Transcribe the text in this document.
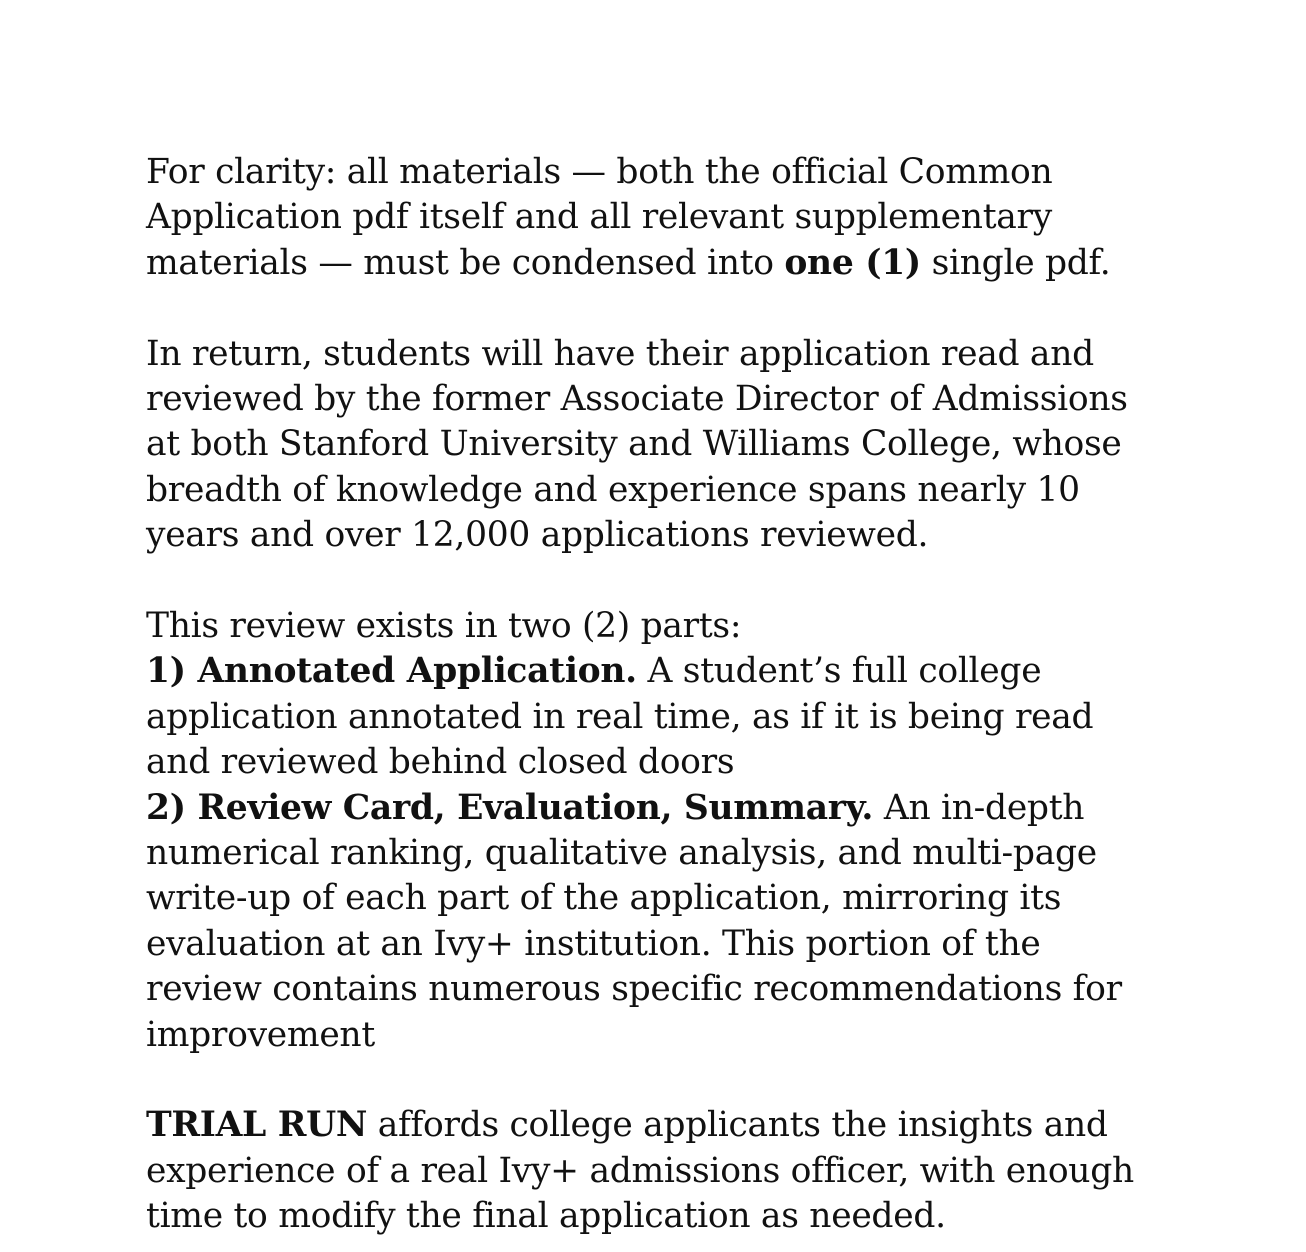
For clarity: all materials — both the official Common Application pdf itself and all relevant supplementary materials — must be condensed into one (1) single pdf.

In return, students will have their application read and reviewed by the former Associate Director of Admissions at both Stanford University and Williams College, whose breadth of knowledge and experience spans nearly 10 years and over 12,000 applications reviewed.

This review exists in two (2) parts:

1) Annotated Application. A student’s full college application annotated in real time, as if it is being read and reviewed behind closed doors

2) Review Card, Evaluation, Summary. An in-depth numerical ranking, qualitative analysis, and multi-page write-up of each part of the application, mirroring its evaluation at an Ivy+ institution. This portion of the review contains numerous specific recommendations for improvement

TRIAL RUN affords college applicants the insights and experience of a real Ivy+ admissions officer, with enough time to modify the final application as needed.
